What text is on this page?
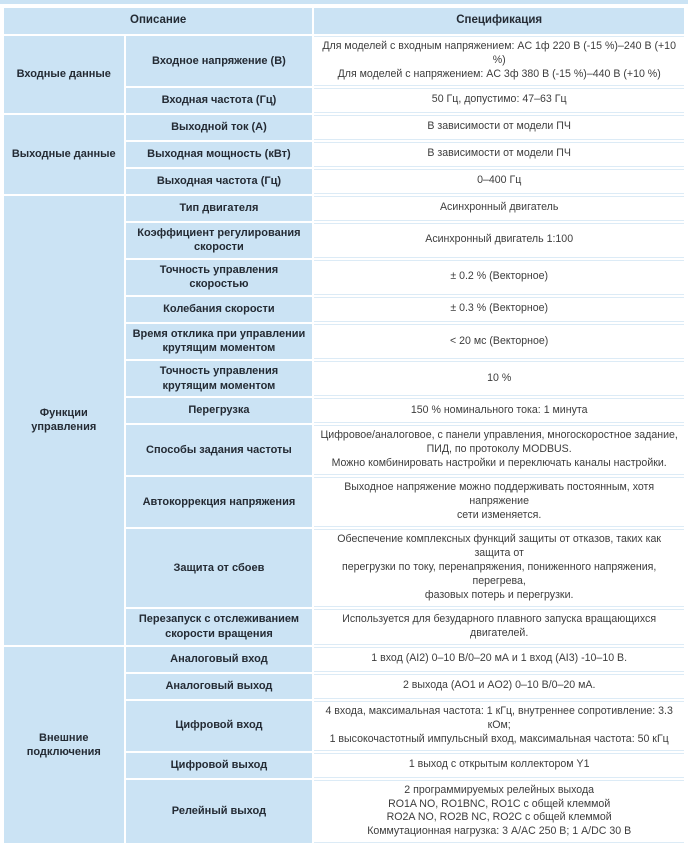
Описание		Спецификация
Входные данные	Входное напряжение (В)	Для моделей с входным напряжением: AC 1ф 220 В (-15 %)–240 В (+10 %)
Для моделей с напряжением: AC 3ф 380 В (-15 %)–440 В (+10 %)
	Входная частота (Гц)	50 Гц, допустимо: 47–63 Гц
Выходные данные	Выходной ток (А)	В зависимости от модели ПЧ
	Выходная мощность (кВт)	В зависимости от модели ПЧ
	Выходная частота (Гц)	0–400 Гц
Функции управления	Тип двигателя	Асинхронный двигатель
	Коэффициент регулирования скорости	Асинхронный двигатель 1:100
	Точность управления скоростью	± 0.2 % (Векторное)
	Колебания скорости	± 0.3 % (Векторное)
	Время отклика при управлении крутящим моментом	< 20 мс (Векторное)
	Точность управления крутящим моментом	10 %
	Перегрузка	150 % номинального тока: 1 минута
	Способы задания частоты	Цифровое/аналоговое, с панели управления, многоскоростное задание,
ПИД, по протоколу MODBUS.
Можно комбинировать настройки и переключать каналы настройки.
	Автокоррекция напряжения	Выходное напряжение можно поддерживать постоянным, хотя напряжение
сети изменяется.
	Защита от сбоев	Обеспечение комплексных функций защиты от отказов, таких как защита от
перегрузки по току, перенапряжения, пониженного напряжения, перегрева,
фазовых потерь и перегрузки.
	Перезапуск с отслеживанием скорости вращения	Используется для безударного плавного запуска вращающихся двигателей.
Внешние подключения	Аналоговый вход	1 вход (AI2) 0–10 В/0–20 мА и 1 вход (AI3) -10–10 В.
	Аналоговый выход	2 выхода (AO1 и AO2) 0–10 В/0–20 мА.
	Цифровой вход	4 входа, максимальная частота: 1 кГц, внутреннее сопротивление: 3.3 кОм;
1 высокочастотный импульсный вход, максимальная частота: 50 кГц
	Цифровой выход	1 выход с открытым коллектором Y1
	Релейный выход	2 программируемых релейных выхода
RO1A NO, RO1BNC, RO1C с общей клеммой
RO2A NO, RO2B NC, RO2C с общей клеммой
Коммутационная нагрузка: 3 А/AC 250 В; 1 А/DC 30 В
